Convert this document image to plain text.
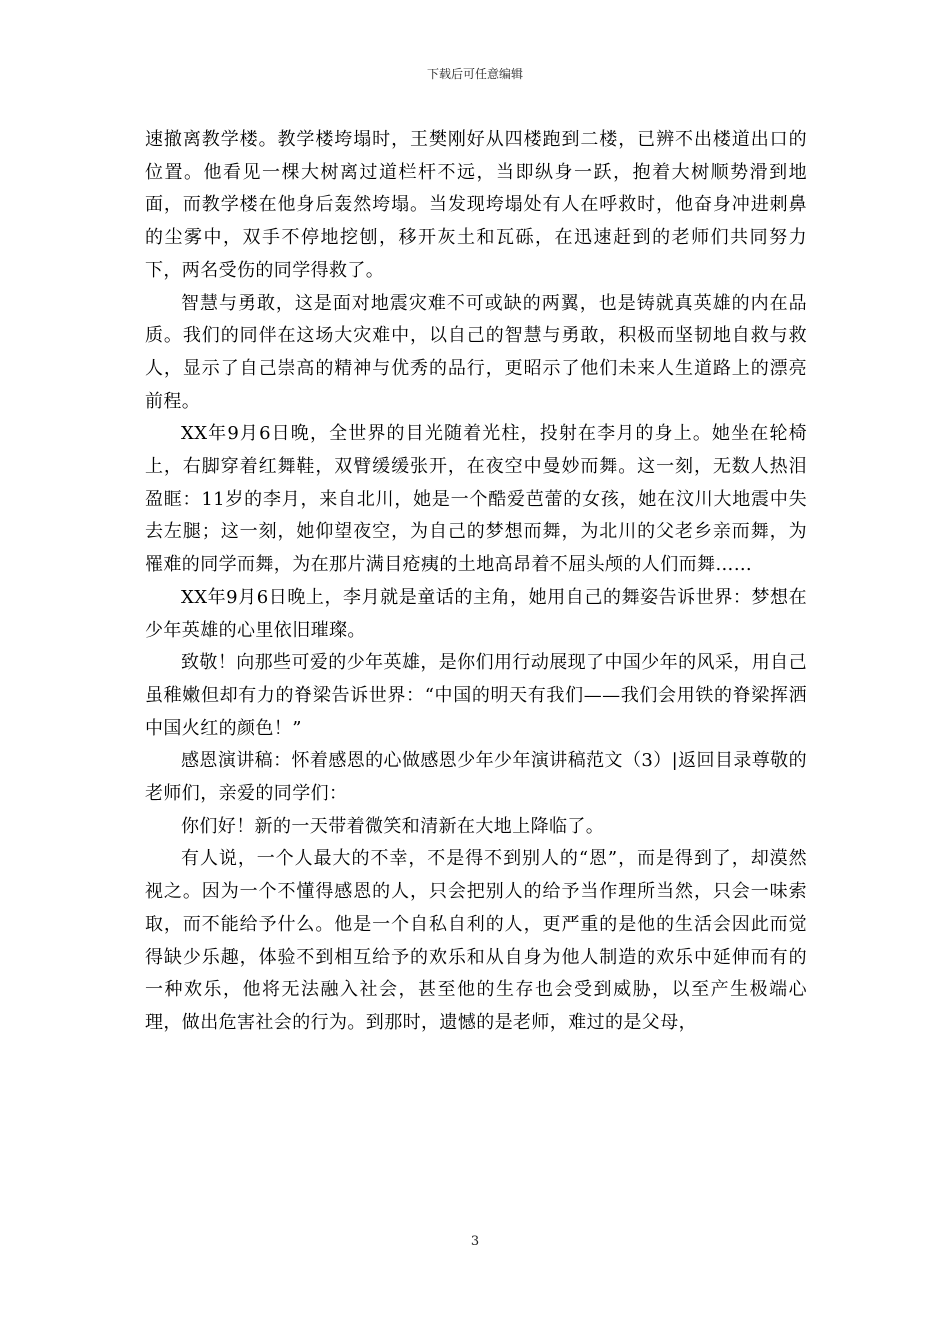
下载后可任意编辑

速撤离教学楼。教学楼垮塌时，王樊刚好从四楼跑到二楼，已辨不出楼道出口的位置。他看见一棵大树离过道栏杆不远，当即纵身一跃，抱着大树顺势滑到地面，而教学楼在他身后轰然垮塌。当发现垮塌处有人在呼救时，他奋身冲进刺鼻的尘雾中，双手不停地挖刨，移开灰土和瓦砾，在迅速赶到的老师们共同努力下，两名受伤的同学得救了。

智慧与勇敢，这是面对地震灾难不可或缺的两翼，也是铸就真英雄的内在品质。我们的同伴在这场大灾难中，以自己的智慧与勇敢，积极而坚韧地自救与救人，显示了自己崇高的精神与优秀的品行，更昭示了他们未来人生道路上的漂亮前程。

XX年9月6日晚，全世界的目光随着光柱，投射在李月的身上。她坐在轮椅上，右脚穿着红舞鞋，双臂缓缓张开，在夜空中曼妙而舞。这一刻，无数人热泪盈眶：11岁的李月，来自北川，她是一个酷爱芭蕾的女孩，她在汶川大地震中失去左腿；这一刻，她仰望夜空，为自己的梦想而舞，为北川的父老乡亲而舞，为罹难的同学而舞，为在那片满目疮痍的土地高昂着不屈头颅的人们而舞……

XX年9月6日晚上，李月就是童话的主角，她用自己的舞姿告诉世界：梦想在少年英雄的心里依旧璀璨。

致敬！向那些可爱的少年英雄，是你们用行动展现了中国少年的风采，用自己虽稚嫩但却有力的脊梁告诉世界：“中国的明天有我们——我们会用铁的脊梁挥洒中国火红的颜色！”

感恩演讲稿：怀着感恩的心做感恩少年少年演讲稿范文（3）|返回目录尊敬的老师们，亲爱的同学们：

你们好！新的一天带着微笑和清新在大地上降临了。

有人说，一个人最大的不幸，不是得不到别人的“恩”，而是得到了，却漠然视之。因为一个不懂得感恩的人，只会把别人的给予当作理所当然，只会一味索取，而不能给予什么。他是一个自私自利的人，更严重的是他的生活会因此而觉得缺少乐趣，体验不到相互给予的欢乐和从自身为他人制造的欢乐中延伸而有的一种欢乐，他将无法融入社会，甚至他的生存也会受到威胁，以至产生极端心理，做出危害社会的行为。到那时，遗憾的是老师，难过的是父母，

3
